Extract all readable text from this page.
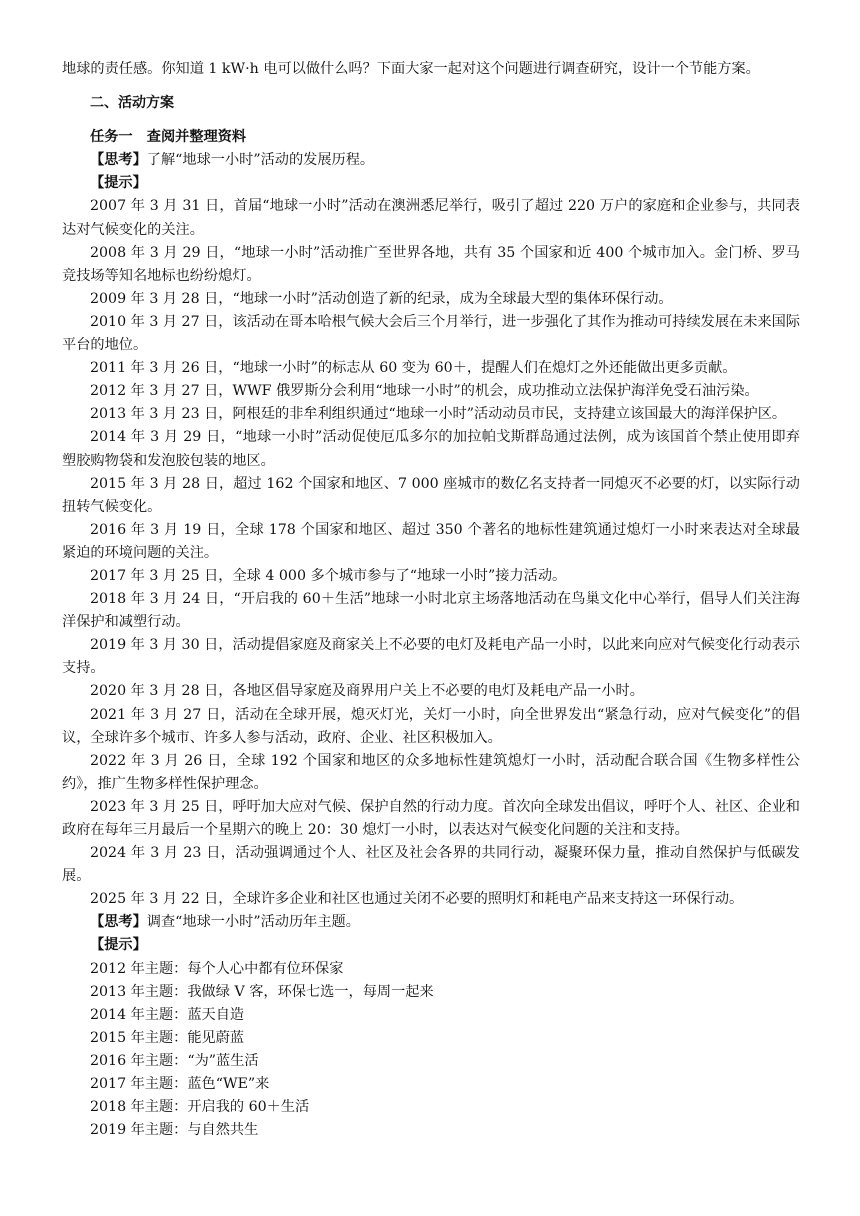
地球的责任感。你知道 1 kW·h 电可以做什么吗？下面大家一起对这个问题进行调查研究，设计一个节能方案。

二、活动方案

任务一　查阅并整理资料

【思考】了解“地球一小时”活动的发展历程。

【提示】

2007 年 3 月 31 日，首届“地球一小时”活动在澳洲悉尼举行，吸引了超过 220 万户的家庭和企业参与，共同表达对气候变化的关注。

2008 年 3 月 29 日，“地球一小时”活动推广至世界各地，共有 35 个国家和近 400 个城市加入。金门桥、罗马竞技场等知名地标也纷纷熄灯。

2009 年 3 月 28 日，“地球一小时”活动创造了新的纪录，成为全球最大型的集体环保行动。

2010 年 3 月 27 日，该活动在哥本哈根气候大会后三个月举行，进一步强化了其作为推动可持续发展在未来国际平台的地位。

2011 年 3 月 26 日，“地球一小时”的标志从 60 变为 60＋，提醒人们在熄灯之外还能做出更多贡献。

2012 年 3 月 27 日，WWF 俄罗斯分会利用“地球一小时”的机会，成功推动立法保护海洋免受石油污染。

2013 年 3 月 23 日，阿根廷的非牟利组织通过“地球一小时”活动动员市民，支持建立该国最大的海洋保护区。

2014 年 3 月 29 日，“地球一小时”活动促使厄瓜多尔的加拉帕戈斯群岛通过法例，成为该国首个禁止使用即弃塑胶购物袋和发泡胶包装的地区。

2015 年 3 月 28 日，超过 162 个国家和地区、7 000 座城市的数亿名支持者一同熄灭不必要的灯，以实际行动扭转气候变化。

2016 年 3 月 19 日，全球 178 个国家和地区、超过 350 个著名的地标性建筑通过熄灯一小时来表达对全球最紧迫的环境问题的关注。

2017 年 3 月 25 日，全球 4 000 多个城市参与了“地球一小时”接力活动。

2018 年 3 月 24 日，“开启我的 60＋生活”地球一小时北京主场落地活动在鸟巢文化中心举行，倡导人们关注海洋保护和减塑行动。

2019 年 3 月 30 日，活动提倡家庭及商家关上不必要的电灯及耗电产品一小时，以此来向应对气候变化行动表示支持。

2020 年 3 月 28 日，各地区倡导家庭及商界用户关上不必要的电灯及耗电产品一小时。

2021 年 3 月 27 日，活动在全球开展，熄灭灯光，关灯一小时，向全世界发出“紧急行动，应对气候变化”的倡议，全球许多个城市、许多人参与活动，政府、企业、社区积极加入。

2022 年 3 月 26 日，全球 192 个国家和地区的众多地标性建筑熄灯一小时，活动配合联合国《生物多样性公约》，推广生物多样性保护理念。

2023 年 3 月 25 日，呼吁加大应对气候、保护自然的行动力度。首次向全球发出倡议，呼吁个人、社区、企业和政府在每年三月最后一个星期六的晚上 20：30 熄灯一小时，以表达对气候变化问题的关注和支持。

2024 年 3 月 23 日，活动强调通过个人、社区及社会各界的共同行动，凝聚环保力量，推动自然保护与低碳发展。

2025 年 3 月 22 日，全球许多企业和社区也通过关闭不必要的照明灯和耗电产品来支持这一环保行动。

【思考】调查“地球一小时”活动历年主题。

【提示】

2012 年主题：每个人心中都有位环保家

2013 年主题：我做绿 V 客，环保七选一，每周一起来

2014 年主题：蓝天自造

2015 年主题：能见蔚蓝

2016 年主题：“为”蓝生活

2017 年主题：蓝色“WE”来

2018 年主题：开启我的 60＋生活

2019 年主题：与自然共生
